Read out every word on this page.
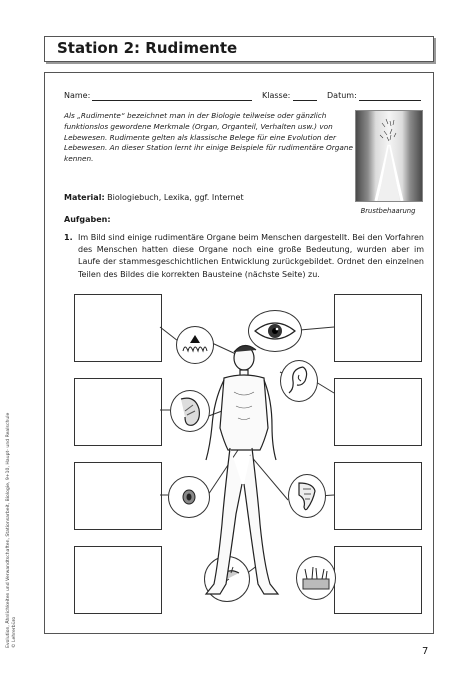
Station 2: Rudimente
Evolution, Ähnlichkeiten und Verwandtschaften, Stationsarbeit, Biologie, 9+10, Haupt- und Realschule © Lehrerbüro
Name:	Klasse:	Datum:
Als „Rudimente“ bezeichnet man in der Biologie teilweise oder gänzlich funktionslos gewordene Merkmale (Organ, Organteil, Verhalten usw.) von Lebewesen. Rudimente gelten als klassische Belege für eine Evolution der Lebewesen. An dieser Station lernt ihr einige Beispiele für rudimentäre Organe kennen.
Brustbehaarung
Material: Biologiebuch, Lexika, ggf. Internet
Aufgaben:
1. Im Bild sind einige rudimentäre Organe beim Menschen dargestellt. Bei den Vorfahren des Menschen hatten diese Organe noch eine große Bedeutung, wurden aber im Laufe der stammesgeschichtlichen Entwicklung zurückgebildet. Ordnet den einzelnen Teilen des Bildes die korrekten Bausteine (nächste Seite) zu.
7
